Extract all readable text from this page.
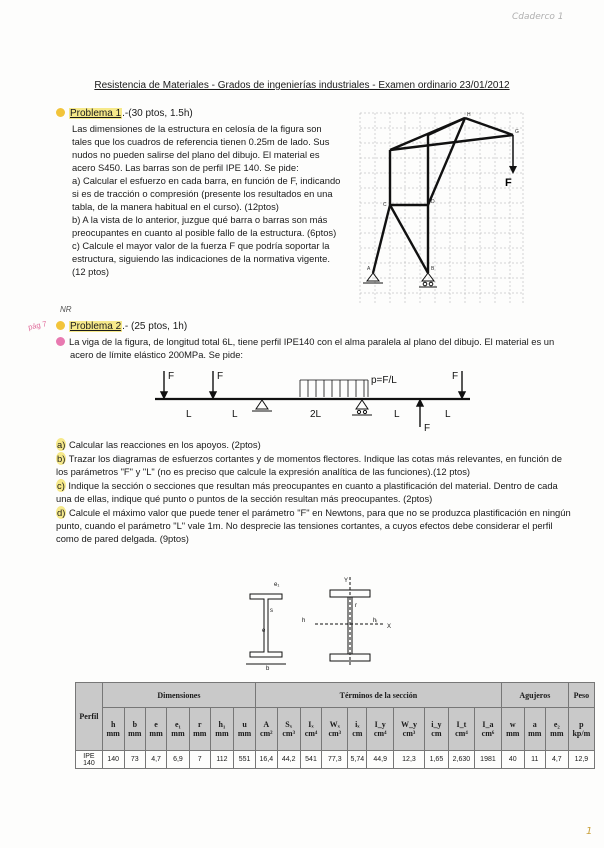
Cdaderco 1
1
Resistencia de Materiales - Grados de ingenierías industriales - Examen ordinario 23/01/2012
Problema 1.-(30 ptos, 1.5h)

Las dimensiones de la estructura en celosía de la figura son tales que los cuadros de referencia tienen 0.25m de lado. Sus nudos no pueden salirse del plano del dibujo. El material es acero S450. Las barras son de perfil IPE 140. Se pide:

a) Calcular el esfuerzo en cada barra, en función de F, indicando si es de tracción o compresión (presente los resultados en una tabla, de la manera habitual en el curso). (12ptos)

b) A la vista de lo anterior, juzgue qué barra o barras son más preocupantes en cuanto al posible fallo de la estructura. (6ptos)

c) Calcule el mayor valor de la fuerza F que podría soportar la estructura, siguiendo las indicaciones de la normativa vigente. (12 ptos)

F
H
G
C	D
A	B
NR
pág 7	Problema 2.- (25 ptos, 1h)

La viga de la figura, de longitud total 6L, tiene perfil IPE140 con el alma paralela al plano del dibujo. El material es un acero de límite elástico 200MPa. Se pide:

F	F	p=F/L	F
F
L	L	2L	L	L

a) Calcular las reacciones en los apoyos. (2ptos)

b) Trazar los diagramas de esfuerzos cortantes y de momentos flectores. Indique las cotas más relevantes, en función de los parámetros "F" y "L" (no es preciso que calcule la expresión analítica de las funciones).(12 ptos)

c) Indique la sección o secciones que resultan más preocupantes en cuanto a plastificación del material. Dentro de cada una de ellas, indique qué punto o puntos de la sección resultan más preocupantes. (2ptos)

d) Calcule el máximo valor que puede tener el parámetro "F" en Newtons, para que no se produzca plastificación en ningún punto, cuando el parámetro "L" vale 1m. No desprecie las tensiones cortantes, a cuyos efectos debe considerar el perfil como de pared delgada. (9ptos)

b
h
s
e₁
e
Y
X
hᵢ
r
Perfil	Dimensiones							Términos de la sección										Agujeros			Peso
	h mm	b mm	e mm	e₁ mm	r mm	h₁ mm	u mm	A cm²	Sₓ cm³	Iₓ cm⁴	Wₓ cm³	iₓ cm	I_y cm⁴	W_y cm³	i_y cm	I_t cm⁴	I_a cm⁶	w mm	a mm	e₂ mm	p kp/m
IPE 140	140	73	4,7	6,9	7	112	551	16,4	44,2	541	77,3	5,74	44,9	12,3	1,65	2,630	1981	40	11	4,7	12,9
